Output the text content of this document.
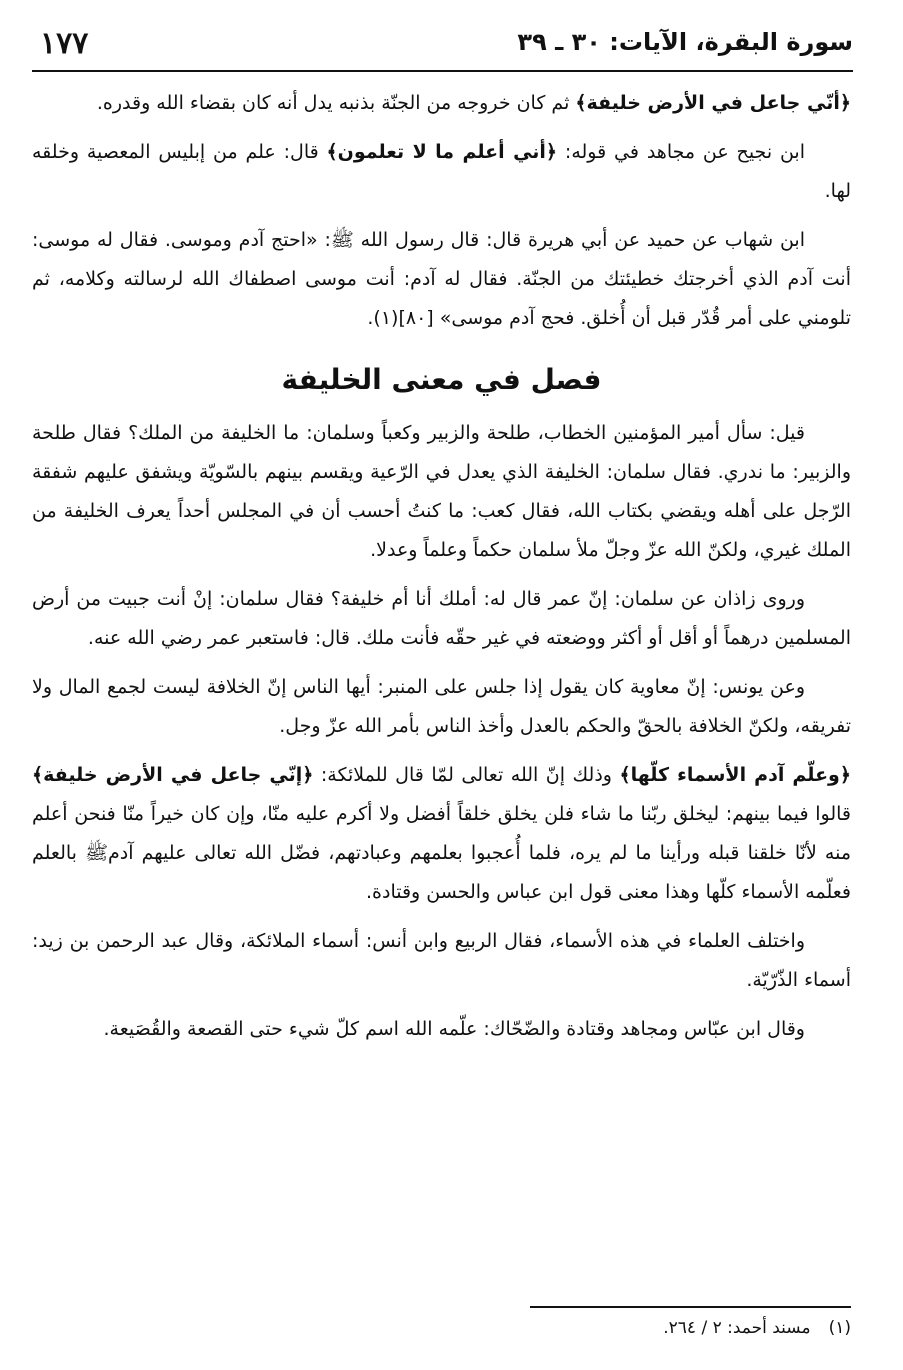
١٧٧	سورة البقرة، الآيات: ٣٠ ـ ٣٩

﴿أنّي جاعل في الأرض خليفة﴾ ثم كان خروجه من الجنّة بذنبه يدل أنه كان بقضاء الله وقدره.

ابن نجيح عن مجاهد في قوله: ﴿أني أعلم ما لا تعلمون﴾ قال: علم من إبليس المعصية وخلقه لها.

ابن شهاب عن حميد عن أبي هريرة قال: قال رسول الله ﷺ: «احتج آدم وموسى. فقال له موسى: أنت آدم الذي أخرجتك خطيئتك من الجنّة. فقال له آدم: أنت موسى اصطفاك الله لرسالته وكلامه، ثم تلومني على أمر قُدّر قبل أن أُخلق. فحج آدم موسى» [٨٠](١).

فصل في معنى الخليفة

قيل: سأل أمير المؤمنين الخطاب، طلحة والزبير وكعباً وسلمان: ما الخليفة من الملك؟ فقال طلحة والزبير: ما ندري. فقال سلمان: الخليفة الذي يعدل في الرّعية ويقسم بينهم بالسّويّة ويشفق عليهم شفقة الرّجل على أهله ويقضي بكتاب الله، فقال كعب: ما كنتُ أحسب أن في المجلس أحداً يعرف الخليفة من الملك غيري، ولكنّ الله عزّ وجلّ ملأ سلمان حكماً وعلماً وعدلا.

وروى زاذان عن سلمان: إنّ عمر قال له: أملك أنا أم خليفة؟ فقال سلمان: إنْ أنت جبيت من أرض المسلمين درهماً أو أقل أو أكثر ووضعته في غير حقّه فأنت ملك. قال: فاستعبر عمر رضي الله عنه.

وعن يونس: إنّ معاوية كان يقول إذا جلس على المنبر: أيها الناس إنّ الخلافة ليست لجمع المال ولا تفريقه، ولكنّ الخلافة بالحقّ والحكم بالعدل وأخذ الناس بأمر الله عزّ وجل.

﴿وعلّم آدم الأسماء كلّها﴾ وذلك إنّ الله تعالى لمّا قال للملائكة: ﴿إنّي جاعل في الأرض خليفة﴾ قالوا فيما بينهم: ليخلق ربّنا ما شاء فلن يخلق خلقاً أفضل ولا أكرم عليه منّا، وإن كان خيراً منّا فنحن أعلم منه لأنّا خلقنا قبله ورأينا ما لم يره، فلما أُعجبوا بعلمهم وعبادتهم، فضّل الله تعالى عليهم آدمﷺ بالعلم فعلّمه الأسماء كلّها وهذا معنى قول ابن عباس والحسن وقتادة.

واختلف العلماء في هذه الأسماء، فقال الربيع وابن أنس: أسماء الملائكة، وقال عبد الرحمن بن زيد: أسماء الذّرّيّة.

وقال ابن عبّاس ومجاهد وقتادة والضّحّاك: علّمه الله اسم كلّ شيء حتى القصعة والقُصَيعة.

(١)مسند أحمد: ٢ / ٢٦٤.
